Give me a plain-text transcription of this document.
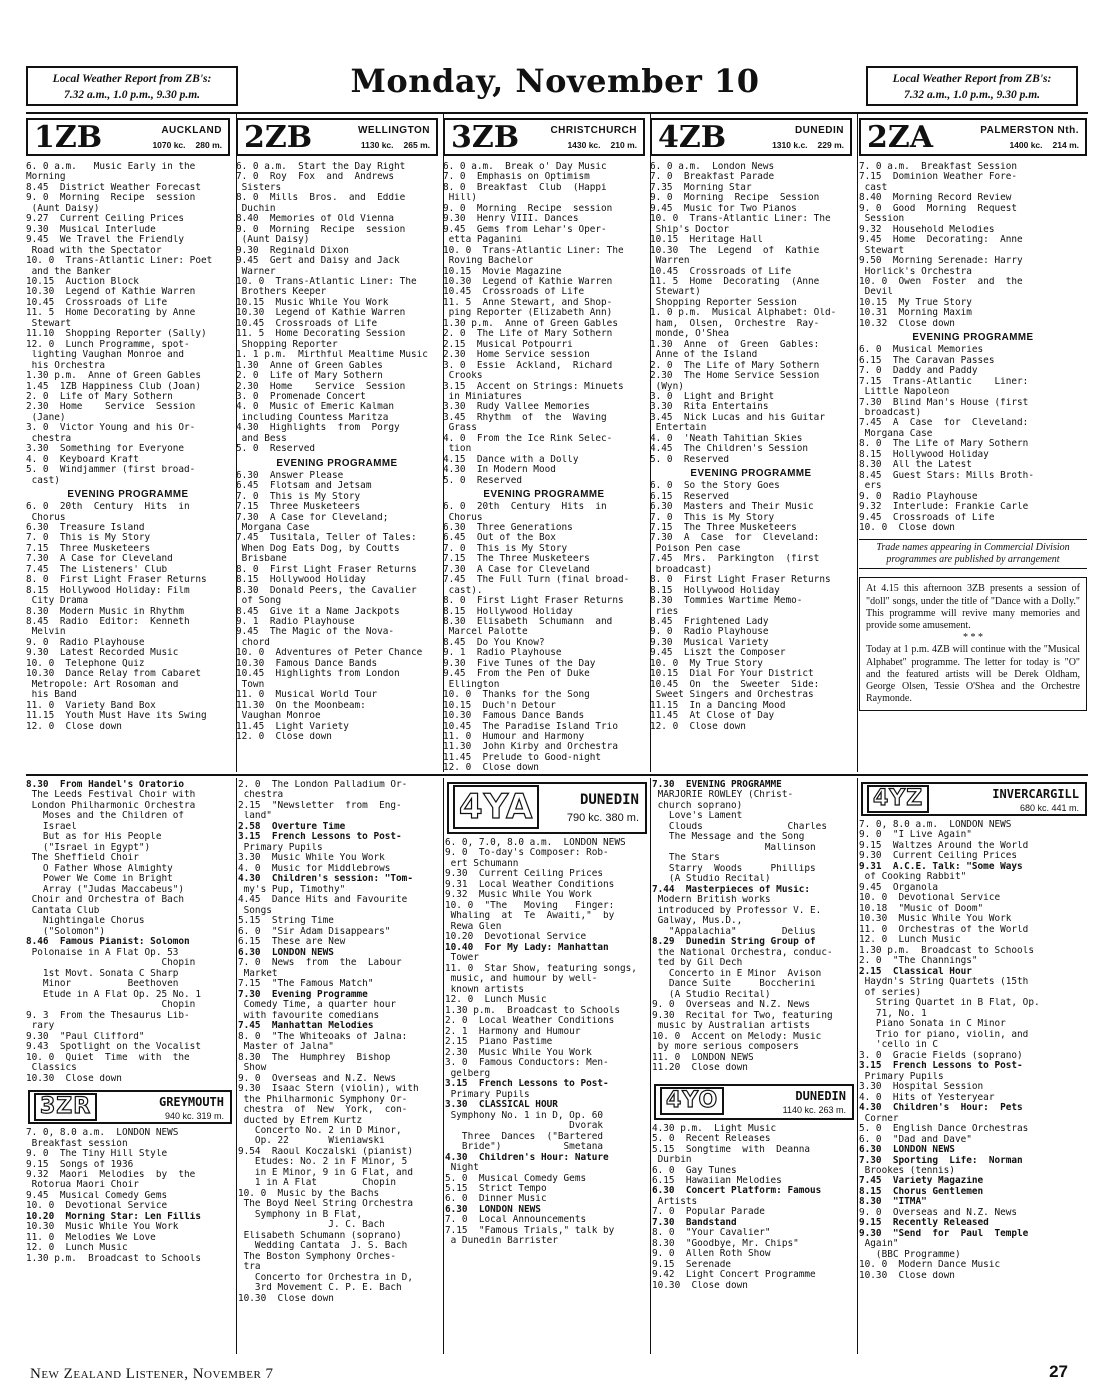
Local Weather Report from ZB's:
7.32 a.m., 1.0 p.m., 9.30 p.m.	Monday, November 10	Local Weather Report from ZB's:
7.32 a.m., 1.0 p.m., 9.30 p.m.
1ZB	AUCKLAND
1070 kc. 280 m.
6. 0 a.m.   Music Early in the
Morning
8.45  District Weather Forecast
9. 0  Morning  Recipe  session
(Aunt Daisy)
9.27  Current Ceiling Prices
9.30  Musical Interlude
9.45  We Travel the Friendly
Road with the Spectator
10. 0  Trans-Atlantic Liner: Poet
and the Banker
10.15  Auction Block
10.30  Legend of Kathie Warren
10.45  Crossroads of Life
11. 5  Home Decorating by Anne
Stewart
11.10  Shopping Reporter (Sally)
12. 0  Lunch Programme, spot-
lighting Vaughan Monroe and
his Orchestra
1.30 p.m.  Anne of Green Gables
1.45  1ZB Happiness Club (Joan)
2. 0  Life of Mary Sothern
2.30  Home    Service  Session
(Jane)
3. 0  Victor Young and his Or-
chestra
3.30  Something for Everyone
4. 0  Keyboard Kraft
5. 0  Windjammer (first broad-
cast)
EVENING PROGRAMME
6. 0  20th  Century  Hits  in
Chorus
6.30  Treasure Island
7. 0  This is My Story
7.15  Three Musketeers
7.30  A Case for Cleveland
7.45  The Listeners' Club
8. 0  First Light Fraser Returns
8.15  Hollywood Holiday: Film
City Drama
8.30  Modern Music in Rhythm
8.45  Radio  Editor:  Kenneth
Melvin
9. 0  Radio Playhouse
9.30  Latest Recorded Music
10. 0  Telephone Quiz
10.30  Dance Relay from Cabaret
Metropole: Art Rosoman and
his Band
11. 0  Variety Band Box
11.15  Youth Must Have its Swing
12. 0  Close down
2ZB	WELLINGTON
1130 kc. 265 m.
6. 0 a.m.  Start the Day Right
7. 0  Roy  Fox  and  Andrews
Sisters
8. 0  Mills  Bros.  and  Eddie
Duchin
8.40  Memories of Old Vienna
9. 0  Morning  Recipe  session
(Aunt Daisy)
9.30  Reginald Dixon
9.45  Gert and Daisy and Jack
Warner
10. 0  Trans-Atlantic Liner: The
Brothers Keeper
10.15  Music While You Work
10.30  Legend of Kathie Warren
10.45  Crossroads of Life
11. 5  Home Decorating Session
Shopping Reporter
1. 1 p.m.  Mirthful Mealtime Music
1.30  Anne of Green Gables
2. 0  Life of Mary Sothern
2.30  Home    Service  Session
3. 0  Promenade Concert
4. 0  Music of Emeric Kalman
including Countess Maritza
4.30  Highlights  from  Porgy
and Bess
5. 0  Reserved
EVENING PROGRAMME
6.30  Answer Please
6.45  Flotsam and Jetsam
7. 0  This is My Story
7.15  Three Musketeers
7.30  A Case for Cleveland;
Morgana Case
7.45  Tusitala, Teller of Tales:
When Dog Eats Dog, by Coutts
Brisbane
8. 0  First Light Fraser Returns
8.15  Hollywood Holiday
8.30  Donald Peers, the Cavalier
of Song
8.45  Give it a Name Jackpots
9. 1  Radio Playhouse
9.45  The Magic of the Nova-
chord
10. 0  Adventures of Peter Chance
10.30  Famous Dance Bands
10.45  Highlights from London
Town
11. 0  Musical World Tour
11.30  On the Moonbeam:
Vaughan Monroe
11.45  Light Variety
12. 0  Close down
3ZB	CHRISTCHURCH
1430 kc. 210 m.
6. 0 a.m.  Break o' Day Music
7. 0  Emphasis on Optimism
8. 0  Breakfast  Club  (Happi
Hill)
9. 0  Morning  Recipe  session
9.30  Henry VIII. Dances
9.45  Gems from Lehar's Oper-
etta Paganini
10. 0  Trans-Atlantic Liner: The
Roving Bachelor
10.15  Movie Magazine
10.30  Legend of Kathie Warren
10.45  Crossroads of Life
11. 5  Anne Stewart, and Shop-
ping Reporter (Elizabeth Ann)
1.30 p.m.  Anne of Green Gables
2. 0  The Life of Mary Sothern
2.15  Musical Potpourri
2.30  Home Service session
3. 0  Essie  Ackland,  Richard
Crooks
3.15  Accent on Strings: Minuets
in Miniatures
3.30  Rudy Vallee Memories
3.45  Rhythm  of  the  Waving
Grass
4. 0  From the Ice Rink Selec-
tion
4.15  Dance with a Dolly
4.30  In Modern Mood
5. 0  Reserved
EVENING PROGRAMME
6. 0  20th  Century  Hits  in
Chorus
6.30  Three Generations
6.45  Out of the Box
7. 0  This is My Story
7.15  The Three Musketeers
7.30  A Case for Cleveland
7.45  The Full Turn (final broad-
cast).
8. 0  First Light Fraser Returns
8.15  Hollywood Holiday
8.30  Elisabeth  Schumann  and
Marcel Palotte
8.45  Do You Know?
9. 1  Radio Playhouse
9.30  Five Tunes of the Day
9.45  From the Pen of Duke
Ellington
10. 0  Thanks for the Song
10.15  Duch'n Detour
10.30  Famous Dance Bands
10.45  The Paradise Island Trio
11. 0  Humour and Harmony
11.30  John Kirby and Orchestra
11.45  Prelude to Good-night
12. 0  Close down
4ZB	DUNEDIN
1310 k.c. 229 m.
6. 0 a.m.  London News
7. 0  Breakfast Parade
7.35  Morning Star
9. 0  Morning  Recipe  Session
9.45  Music for Two Pianos
10. 0  Trans-Atlantic Liner: The
Ship's Doctor
10.15  Heritage Hall
10.30  The  Legend  of  Kathie
Warren
10.45  Crossroads of Life
11. 5  Home  Decorating  (Anne
Stewart)
Shopping Reporter Session
1. 0 p.m.  Musical Alphabet: Old-
ham,  Olsen,  Orchestre  Ray-
monde, O'Shea
1.30  Anne  of  Green  Gables:
Anne of the Island
2. 0  The Life of Mary Sothern
2.30  The Home Service Session
(Wyn)
3. 0  Light and Bright
3.30  Rita Entertains
3.45  Nick Lucas and his Guitar
Entertain
4. 0  'Neath Tahitian Skies
4.45  The Children's Session
5. 0  Reserved
EVENING PROGRAMME
6. 0  So the Story Goes
6.15  Reserved
6.30  Masters and Their Music
7. 0  This is My Story
7.15  The Three Musketeers
7.30  A  Case  for  Cleveland:
Poison Pen case
7.45  Mrs.  Parkington  (first
broadcast)
8. 0  First Light Fraser Returns
8.15  Hollywood Holiday
8.30  Tommies Wartime Memo-
ries
8.45  Frightened Lady
9. 0  Radio Playhouse
9.30  Musical Variety
9.45  Liszt the Composer
10. 0  My True Story
10.15  Dial For Your District
10.45  On  the  Sweeter  Side:
Sweet Singers and Orchestras
11.15  In a Dancing Mood
11.45  At Close of Day
12. 0  Close down
2ZA	PALMERSTON Nth.
1400 kc. 214 m.
7. 0 a.m.  Breakfast Session
7.15  Dominion Weather Fore-
cast
8.40  Morning Record Review
9. 0  Good  Morning  Request
Session
9.32  Household Melodies
9.45  Home  Decorating:  Anne
Stewart
9.50  Morning Serenade: Harry
Horlick's Orchestra
10. 0  Owen  Foster  and  the
Devil
10.15  My True Story
10.31  Morning Maxim
10.32  Close down
EVENING PROGRAMME
6. 0  Musical Memories
6.15  The Caravan Passes
7. 0  Daddy and Paddy
7.15  Trans-Atlantic    Liner:
Little Napoleon
7.30  Blind Man's House (first
broadcast)
7.45  A  Case  for  Cleveland:
Morgana Case
8. 0  The Life of Mary Sothern
8.15  Hollywood Holiday
8.30  All the Latest
8.45  Guest Stars: Mills Broth-
ers
9. 0  Radio Playhouse
9.32  Interlude: Frankie Carle
9.45  Crossroads of Life
10. 0  Close down
Trade names appearing in Commercial Division programmes are published by arrangement
At 4.15 this afternoon 3ZB presents a session of "doll" songs, under the title of "Dance with a Dolly." This programme will revive many memories and provide some amusement.
* * *
Today at 1 p.m. 4ZB will continue with the "Musical Alphabet" programme. The letter for today is "O" and the featured artists will be Derek Oldham, George Olsen, Tessie O'Shea and the Orchestre Raymonde.
8.30  From Handel's Oratorio
The Leeds Festival Choir with
London Philharmonic Orchestra
Moses and the Children of
Israel
But as for His People
("Israel in Egypt")
The Sheffield Choir
O Father Whose Almighty
Power We Come in Bright
Array ("Judas Maccabeus")
Choir and Orchestra of Bach
Cantata Club
Nightingale Chorus
("Solomon")
8.46  Famous Pianist: Solomon
Polonaise in A Flat Op. 53
Chopin
1st Movt. Sonata C Sharp
Minor          Beethoven
Etude in A Flat Op. 25 No. 1
Chopin
9. 3  From the Thesaurus Lib-
rary
9.30  "Paul Clifford"
9.43  Spotlight on the Vocalist
10. 0  Quiet  Time  with  the
Classics
10.30  Close down
3ZR	GREYMOUTH
940 kc. 319 m.
7. 0, 8.0 a.m.  LONDON NEWS
Breakfast session
9. 0  The Tiny Hill Style
9.15  Songs of 1936
9.32  Maori  Melodies  by  the
Rotorua Maori Choir
9.45  Musical Comedy Gems
10. 0  Devotional Service
10.20  Morning Star: Len Fillis
10.30  Music While You Work
11. 0  Melodies We Love
12. 0  Lunch Music
1.30 p.m.  Broadcast to Schools
2. 0  The London Palladium Or-
chestra
2.15  "Newsletter  from  Eng-
land"
2.58  Overture Time
3.15  French Lessons to Post-
Primary Pupils
3.30  Music While You Work
4. 0  Music for Middlebrows
4.30  Children's session: "Tom-
my's Pup, Timothy"
4.45  Dance Hits and Favourite
Songs
5.15  String Time
6. 0  "Sir Adam Disappears"
6.15  These are New
6.30  LONDON NEWS
7. 0  News  from  the  Labour
Market
7.15  "The Famous Match"
7.30  Evening Programme
Comedy Time, a quarter hour
with favourite comedians
7.45  Manhattan Melodies
8. 0  "The Whiteoaks of Jalna:
Master of Jalna"
8.30  The  Humphrey  Bishop
Show
9. 0  Overseas and N.Z. News
9.30  Isaac Stern (violin), with
the Philharmonic Symphony Or-
chestra  of  New  York,  con-
ducted by Efrem Kurtz
Concerto No. 2 in D Minor,
Op. 22       Wieniawski
9.54  Raoul Koczalski (pianist)
Etudes: No. 2 in F Minor, 5
in E Minor, 9 in G Flat, and
1 in A Flat        Chopin
10. 0  Music by the Bachs
The Boyd Neel String Orchestra
Symphony in B Flat,
J. C. Bach
Elisabeth Schumann (soprano)
Wedding Cantata  J. S. Bach
The Boston Symphony Orches-
tra
Concerto for Orchestra in D,
3rd Movement C. P. E. Bach
10.30  Close down
4YA	DUNEDIN
790 kc. 380 m.
6. 0, 7.0, 8.0 a.m.  LONDON NEWS
9. 0  To-day's Composer: Rob-
ert Schumann
9.30  Current Ceiling Prices
9.31  Local Weather Conditions
9.32  Music While You Work
10. 0  "The   Moving   Finger:
Whaling  at  Te  Awaiti,"  by
Rewa Glen
10.20  Devotional Service
10.40  For My Lady: Manhattan
Tower
11. 0  Star Show, featuring songs,
music, and humour by well-
known artists
12. 0  Lunch Music
1.30 p.m.  Broadcast to Schools
2. 0  Local Weather Conditions
2. 1  Harmony and Humour
2.15  Piano Pastime
2.30  Music While You Work
3. 0  Famous Conductors: Men-
gelberg
3.15  French Lessons to Post-
Primary Pupils
3.30  CLASSICAL HOUR
Symphony No. 1 in D, Op. 60
Dvorak
Three  Dances  ("Bartered
Bride")           Smetana
4.30  Children's Hour: Nature
Night
5. 0  Musical Comedy Gems
5.15  Strict Tempo
6. 0  Dinner Music
6.30  LONDON NEWS
7. 0  Local Announcements
7.15  "Famous Trials," talk by
a Dunedin Barrister
7.30  EVENING PROGRAMME
MARJORIE ROWLEY (Christ-
church soprano)
Love's Lament
Clouds               Charles
The Message and the Song
Mallinson
The Stars
Starry  Woods     Phillips
(A Studio Recital)
7.44  Masterpieces of Music:
Modern British works
introduced by Professor V. E.
Galway, Mus.D.,
"Appalachia"        Delius
8.29  Dunedin String Group of
the National Orchestra, conduc-
ted by Gil Dech
Concerto in E Minor  Avison
Dance Suite     Boccherini
(A Studio Recital)
9. 0  Overseas and N.Z. News
9.30  Recital for Two, featuring
music by Australian artists
10. 0  Accent on Melody: Music
by more serious composers
11. 0  LONDON NEWS
11.20  Close down
4YO	DUNEDIN
1140 kc. 263 m.
4.30 p.m.  Light Music
5. 0  Recent Releases
5.15  Songtime  with  Deanna
Durbin
6. 0  Gay Tunes
6.15  Hawaiian Melodies
6.30  Concert Platform: Famous
Artists
7. 0  Popular Parade
7.30  Bandstand
8. 0  "Your Cavalier"
8.30  "Goodbye, Mr. Chips"
9. 0  Allen Roth Show
9.15  Serenade
9.42  Light Concert Programme
10.30  Close down
4YZ	INVERCARGILL
680 kc. 441 m.
7. 0, 8.0 a.m.  LONDON NEWS
9. 0  "I Live Again"
9.15  Waltzes Around the World
9.30  Current Ceiling Prices
9.31  A.C.E. Talk: "Some Ways
of Cooking Rabbit"
9.45  Organola
10. 0  Devotional Service
10.18  "Music of Doom"
10.30  Music While You Work
11. 0  Orchestras of the World
12. 0  Lunch Music
1.30 p.m.  Broadcast to Schools
2. 0  "The Channings"
2.15  Classical Hour
Haydn's String Quartets (15th
of series)
String Quartet in B Flat, Op.
71, No. 1
Piano Sonata in C Minor
Trio for piano, violin, and
'cello in C
3. 0  Gracie Fields (soprano)
3.15  French Lessons to Post-
Primary Pupils
3.30  Hospital Session
4. 0  Hits of Yesteryear
4.30  Children's  Hour:  Pets
Corner
5. 0  English Dance Orchestras
6. 0  "Dad and Dave"
6.30  LONDON NEWS
7.30  Sporting  Life:  Norman
Brookes (tennis)
7.45  Variety Magazine
8.15  Chorus Gentlemen
8.30  "ITMA"
9. 0  Overseas and N.Z. News
9.15  Recently Released
9.30  "Send  for  Paul  Temple
Again"
(BBC Programme)
10. 0  Modern Dance Music
10.30  Close down
New Zealand Listener, November 7	27
